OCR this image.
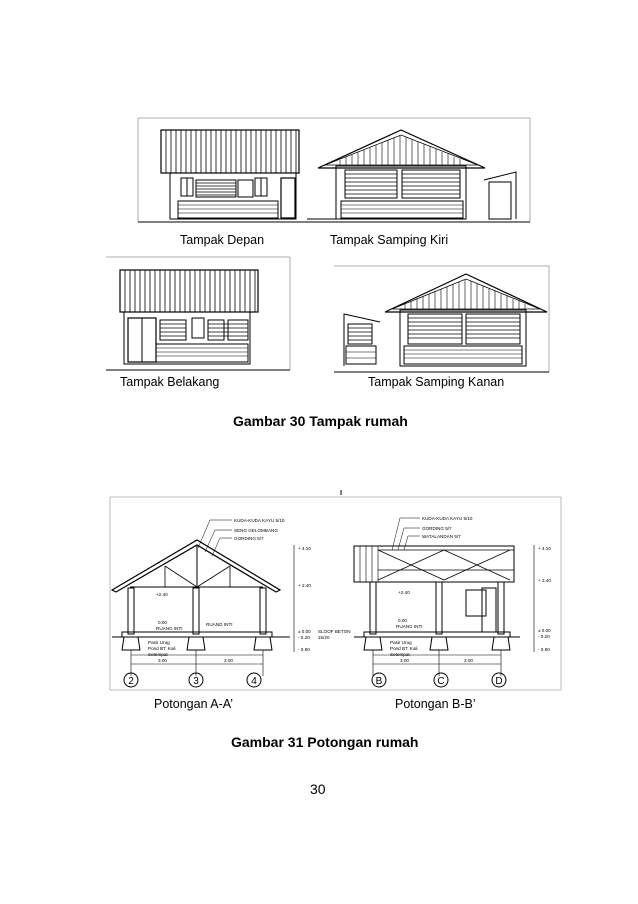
Tampak Depan	Tampak Samping Kiri
Tampak Belakang	Tampak Samping Kanan
Gambar 30 Tampak rumah
KUDA-KUDA KAYU 5/10
SENG GELOMBANG
GORDING 5/7
+ 4.10
+ 2.40
± 0.00
- 0.20
- 0.80
+2.40
0.00
RUANG INTI
RUANG INTI
Pasir Urug
Pond BT. Kali
Setempat
3.00	3.00
2	3	4
KUDA-KUDA KAYU 5/10
GORDING 5/7
WATALANDAN 5/7
+ 4.10
+ 2.40
± 0.00
- 0.20
- 0.80
+2.40
0.00
RUANG INTI
SLOOF BETON
15/20
Pasir Urug
Pond BT. Kali
Setempat
3.00	3.00
B	C	D
Potongan A-A’	Potongan B-B’
Gambar 31 Potongan rumah
30
